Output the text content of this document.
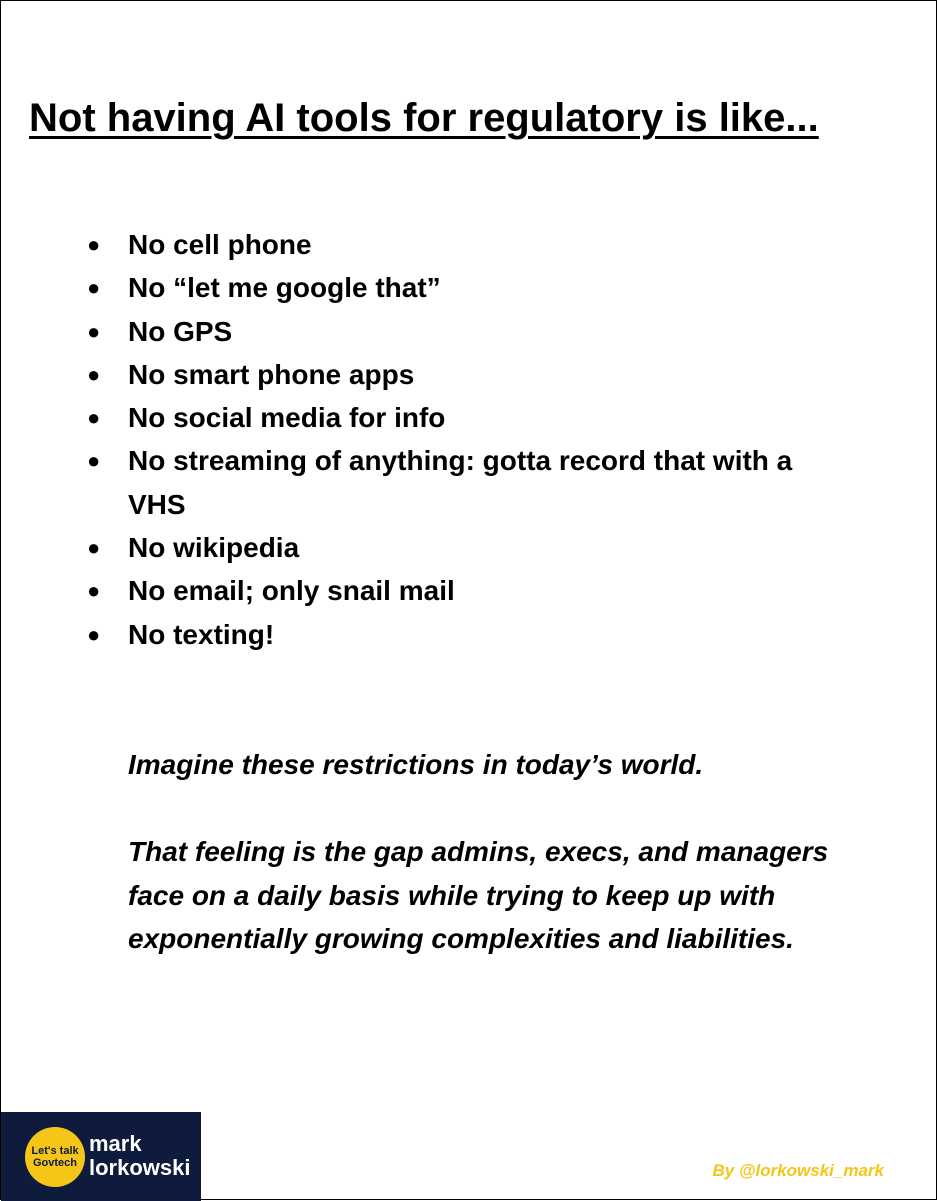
Not having AI tools for regulatory is like...
● No cell phone
● No “let me google that”
● No GPS
● No smart phone apps
● No social media for info
● No streaming of anything: gotta record that with a VHS
● No wikipedia
● No email; only snail mail
● No texting!

Imagine these restrictions in today’s world.

That feeling is the gap admins, execs, and managers face on a daily basis while trying to keep up with exponentially growing complexities and liabilities.

Let's talk
Govtech
mark
lorkowski	By @lorkowski_mark
